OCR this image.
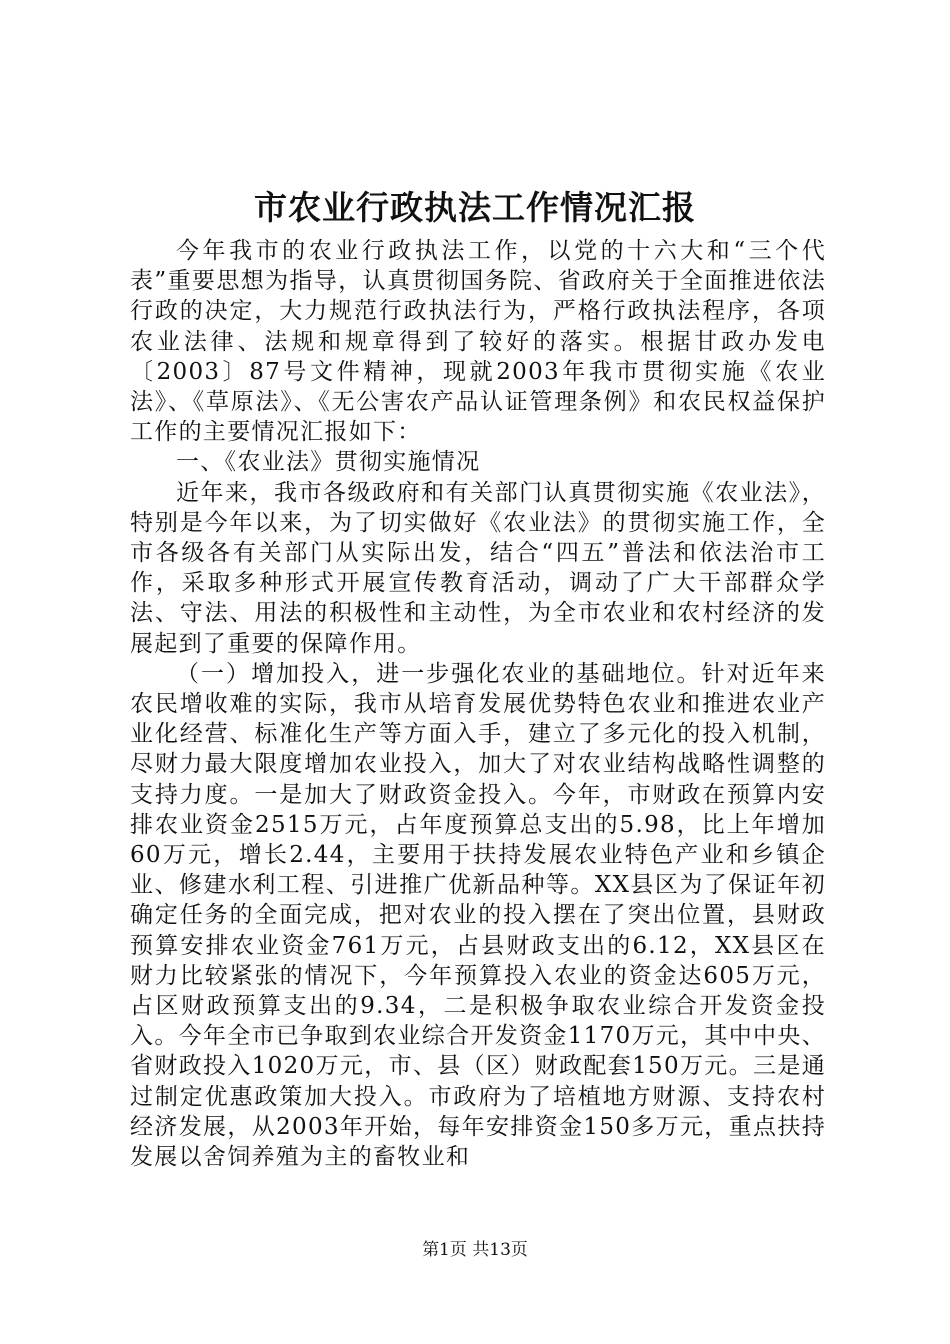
市农业行政执法工作情况汇报

今年我市的农业行政执法工作，以党的十六大和“三个代表”重要思想为指导，认真贯彻国务院、省政府关于全面推进依法行政的决定，大力规范行政执法行为，严格行政执法程序，各项农业法律、法规和规章得到了较好的落实。根据甘政办发电〔2003〕87号文件精神，现就2003年我市贯彻实施《农业法》、《草原法》、《无公害农产品认证管理条例》和农民权益保护工作的主要情况汇报如下：

一、《农业法》贯彻实施情况

近年来，我市各级政府和有关部门认真贯彻实施《农业法》，特别是今年以来，为了切实做好《农业法》的贯彻实施工作，全市各级各有关部门从实际出发，结合“四五”普法和依法治市工作，采取多种形式开展宣传教育活动，调动了广大干部群众学法、守法、用法的积极性和主动性，为全市农业和农村经济的发展起到了重要的保障作用。

（一）增加投入，进一步强化农业的基础地位。针对近年来农民增收难的实际，我市从培育发展优势特色农业和推进农业产业化经营、标准化生产等方面入手，建立了多元化的投入机制，尽财力最大限度增加农业投入，加大了对农业结构战略性调整的支持力度。一是加大了财政资金投入。今年，市财政在预算内安排农业资金2515万元，占年度预算总支出的5.98，比上年增加60万元，增长2.44，主要用于扶持发展农业特色产业和乡镇企业、修建水利工程、引进推广优新品种等。XX县区为了保证年初确定任务的全面完成，把对农业的投入摆在了突出位置，县财政预算安排农业资金761万元，占县财政支出的6.12，XX县区在财力比较紧张的情况下，今年预算投入农业的资金达605万元，占区财政预算支出的9.34，二是积极争取农业综合开发资金投入。今年全市已争取到农业综合开发资金1170万元，其中中央、省财政投入1020万元，市、县（区）财政配套150万元。三是通过制定优惠政策加大投入。市政府为了培植地方财源、支持农村经济发展，从2003年开始，每年安排资金150多万元，重点扶持发展以舍饲养殖为主的畜牧业和

第1页 共13页
